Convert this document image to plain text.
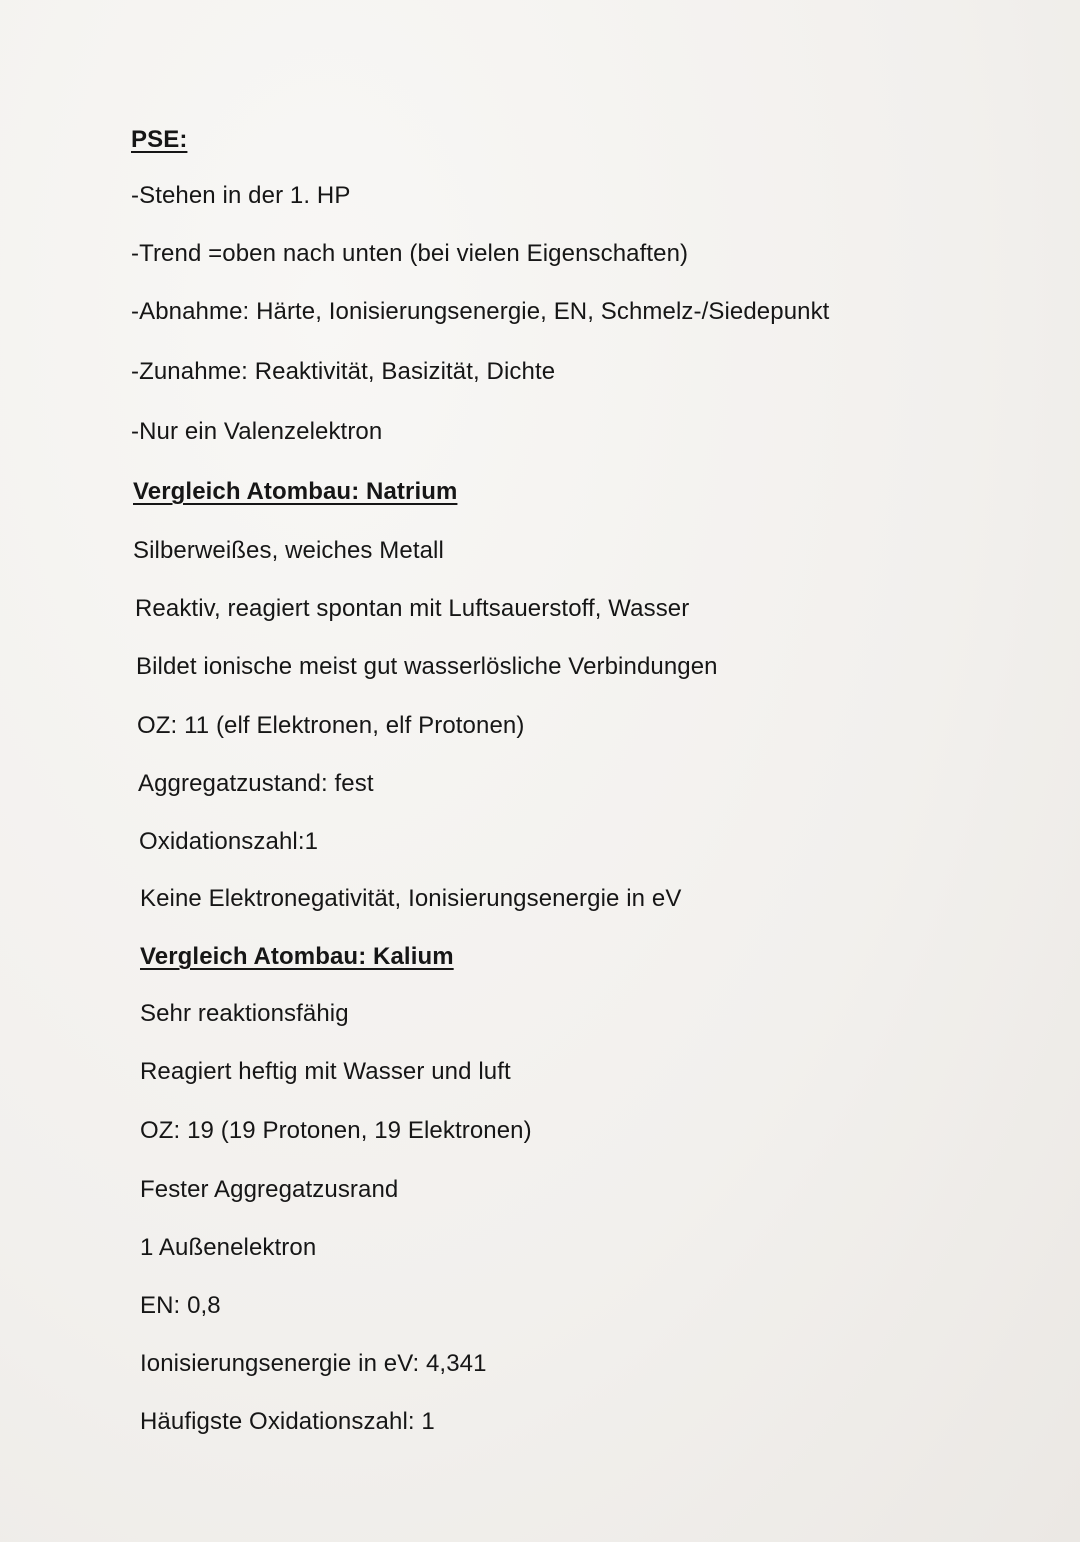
PSE:
-Stehen in der 1. HP
-Trend =oben nach unten (bei vielen Eigenschaften)
-Abnahme: Härte, Ionisierungsenergie, EN, Schmelz-/Siedepunkt
-Zunahme: Reaktivität, Basizität, Dichte
-Nur ein Valenzelektron
Vergleich Atombau: Natrium
Silberweißes, weiches Metall
Reaktiv, reagiert spontan mit Luftsauerstoff, Wasser
Bildet ionische meist gut wasserlösliche Verbindungen
OZ: 11 (elf Elektronen, elf Protonen)
Aggregatzustand: fest
Oxidationszahl:1
Keine Elektronegativität, Ionisierungsenergie in eV
Vergleich Atombau: Kalium
Sehr reaktionsfähig
Reagiert heftig mit Wasser und luft
OZ: 19 (19 Protonen, 19 Elektronen)
Fester Aggregatzusrand
1 Außenelektron
EN: 0,8
Ionisierungsenergie in eV: 4,341
Häufigste Oxidationszahl: 1
